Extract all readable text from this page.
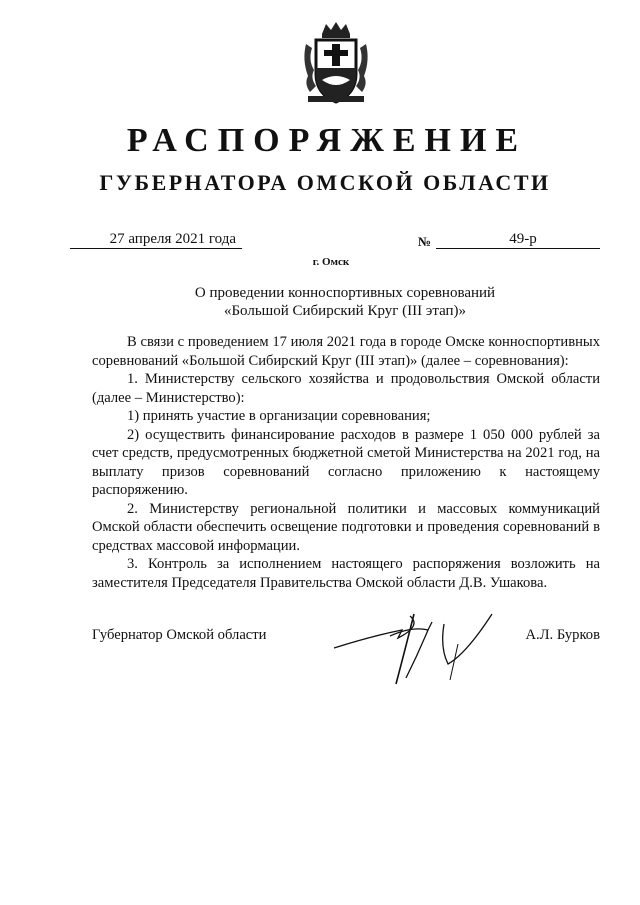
РАСПОРЯЖЕНИЕ
ГУБЕРНАТОРА ОМСКОЙ ОБЛАСТИ
27 апреля 2021 года	№	49-р
г. Омск
О проведении конноспортивных соревнований
«Большой Сибирский Круг (III этап)»

В связи с проведением 17 июля 2021 года в городе Омске конноспортивных соревнований «Большой Сибирский Круг (III этап)» (далее – соревнования):

1. Министерству сельского хозяйства и продовольствия Омской области (далее – Министерство):

1) принять участие в организации соревнования;

2) осуществить финансирование расходов в размере 1 050 000 рублей за счет средств, предусмотренных бюджетной сметой Министерства на 2021 год, на выплату призов соревнований согласно приложению к настоящему распоряжению.

2. Министерству региональной политики и массовых коммуникаций Омской области обеспечить освещение подготовки и проведения соревнований в средствах массовой информации.

3. Контроль за исполнением настоящего распоряжения возложить на заместителя Председателя Правительства Омской области Д.В. Ушакова.

Губернатор Омской области	А.Л. Бурков
